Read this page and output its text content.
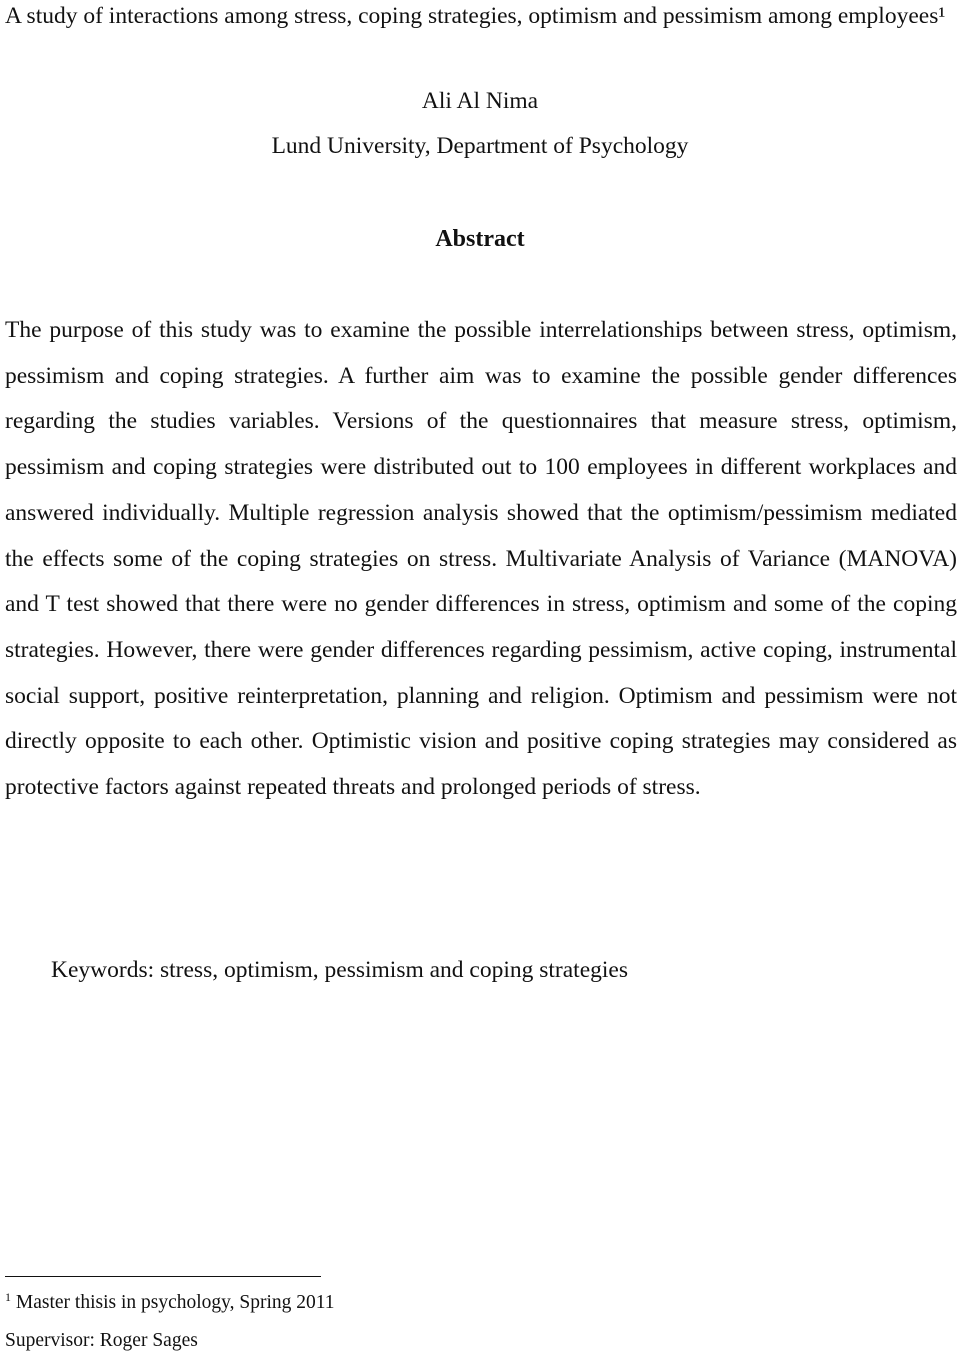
A study of interactions among stress, coping strategies, optimism and pessimism among employees¹

Ali Al Nima

Lund University, Department of Psychology

Abstract

The purpose of this study was to examine the possible interrelationships between stress, optimism, pessimism and coping strategies. A further aim was to examine the possible gender differences regarding the studies variables. Versions of the questionnaires that measure stress, optimism, pessimism and coping strategies were distributed out to 100 employees in different workplaces and answered individually. Multiple regression analysis showed that the optimism/pessimism mediated the effects some of the coping strategies on stress. Multivariate Analysis of Variance (MANOVA) and T test showed that there were no gender differences in stress, optimism and some of the coping strategies. However, there were gender differences regarding pessimism, active coping, instrumental social support, positive reinterpretation, planning and religion. Optimism and pessimism were not directly opposite to each other. Optimistic vision and positive coping strategies may considered as protective factors against repeated threats and prolonged periods of stress.

Keywords: stress, optimism, pessimism and coping strategies

$^1$ Master thisis in psychology, Spring 2011

Supervisor: Roger Sages
